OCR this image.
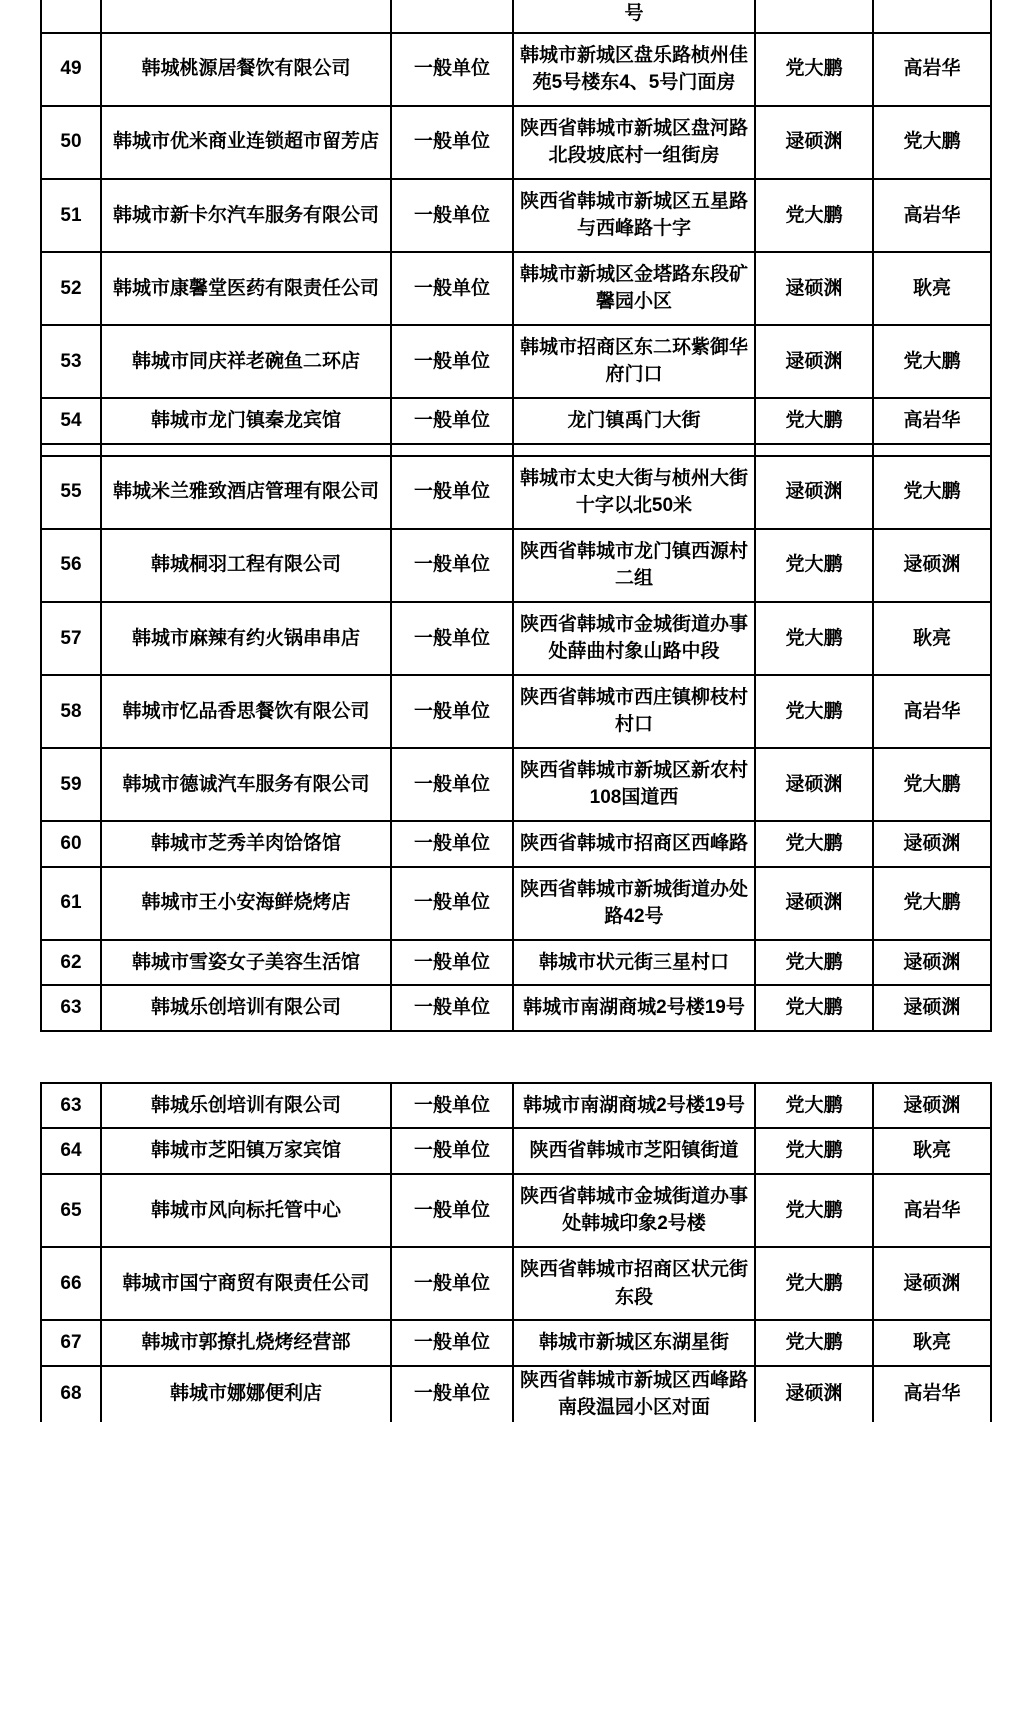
			号		
49	韩城桃源居餐饮有限公司	一般单位	韩城市新城区盘乐路桢州佳苑5号楼东4、5号门面房	党大鹏	高岩华
50	韩城市优米商业连锁超市留芳店	一般单位	陕西省韩城市新城区盘河路北段坡底村一组街房	逯硕渊	党大鹏
51	韩城市新卡尔汽车服务有限公司	一般单位	陕西省韩城市新城区五星路与西峰路十字	党大鹏	高岩华
52	韩城市康馨堂医药有限责任公司	一般单位	韩城市新城区金塔路东段矿馨园小区	逯硕渊	耿亮
53	韩城市同庆祥老碗鱼二环店	一般单位	韩城市招商区东二环紫御华府门口	逯硕渊	党大鹏
54	韩城市龙门镇秦龙宾馆	一般单位	龙门镇禹门大街	党大鹏	高岩华

55	韩城米兰雅致酒店管理有限公司	一般单位	韩城市太史大街与桢州大街十字以北50米	逯硕渊	党大鹏
56	韩城桐羽工程有限公司	一般单位	陕西省韩城市龙门镇西源村二组	党大鹏	逯硕渊
57	韩城市麻辣有约火锅串串店	一般单位	陕西省韩城市金城街道办事处薛曲村象山路中段	党大鹏	耿亮
58	韩城市忆品香思餐饮有限公司	一般单位	陕西省韩城市西庄镇柳枝村村口	党大鹏	高岩华
59	韩城市德诚汽车服务有限公司	一般单位	陕西省韩城市新城区新农村108国道西	逯硕渊	党大鹏
60	韩城市芝秀羊肉饸饹馆	一般单位	陕西省韩城市招商区西峰路	党大鹏	逯硕渊
61	韩城市王小安海鲜烧烤店	一般单位	陕西省韩城市新城街道办处路42号	逯硕渊	党大鹏
62	韩城市雪姿女子美容生活馆	一般单位	韩城市状元街三星村口	党大鹏	逯硕渊
63	韩城乐创培训有限公司	一般单位	韩城市南湖商城2号楼19号	党大鹏	逯硕渊
63	韩城乐创培训有限公司	一般单位	韩城市南湖商城2号楼19号	党大鹏	逯硕渊
64	韩城市芝阳镇万家宾馆	一般单位	陕西省韩城市芝阳镇街道	党大鹏	耿亮
65	韩城市风向标托管中心	一般单位	陕西省韩城市金城街道办事处韩城印象2号楼	党大鹏	高岩华
66	韩城市国宁商贸有限责任公司	一般单位	陕西省韩城市招商区状元街东段	党大鹏	逯硕渊
67	韩城市郭撩扎烧烤经营部	一般单位	韩城市新城区东湖星街	党大鹏	耿亮
68	韩城市娜娜便利店	一般单位	陕西省韩城市新城区西峰路南段温园小区对面	逯硕渊	高岩华
